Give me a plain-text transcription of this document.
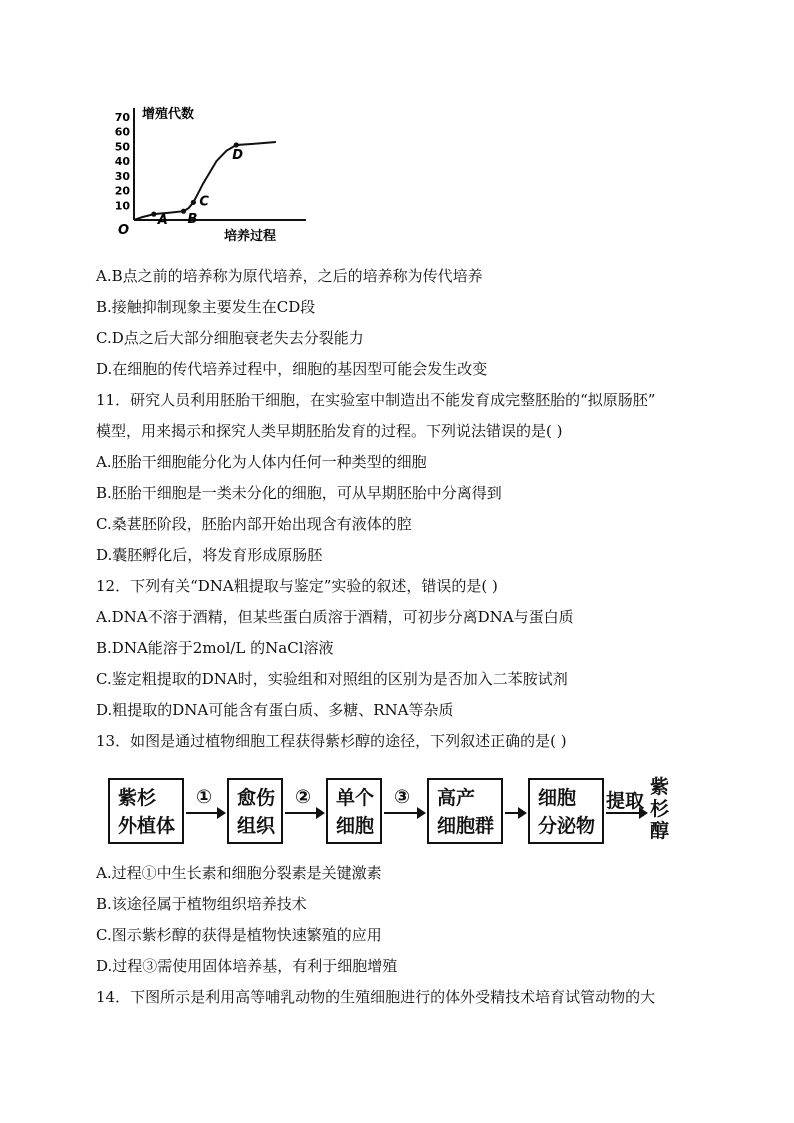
10
20
30
40
50
60
70
A B
C
D
增殖代数
培养过程
O
A.B点之前的培养称为原代培养，之后的培养称为传代培养
B.接触抑制现象主要发生在CD段
C.D点之后大部分细胞衰老失去分裂能力
D.在细胞的传代培养过程中，细胞的基因型可能会发生改变
11．研究人员利用胚胎干细胞，在实验室中制造出不能发育成完整胚胎的“拟原肠胚”
模型，用来揭示和探究人类早期胚胎发育的过程。下列说法错误的是( )
A.胚胎干细胞能分化为人体内任何一种类型的细胞
B.胚胎干细胞是一类未分化的细胞，可从早期胚胎中分离得到
C.桑葚胚阶段，胚胎内部开始出现含有液体的腔
D.囊胚孵化后，将发育形成原肠胚
12．下列有关“DNA粗提取与鉴定”实验的叙述，错误的是( )
A.DNA不溶于酒精，但某些蛋白质溶于酒精，可初步分离DNA与蛋白质
B.DNA能溶于2mol/L 的NaCl溶液
C.鉴定粗提取的DNA时，实验组和对照组的区别为是否加入二苯胺试剂
D.粗提取的DNA可能含有蛋白质、多糖、RNA等杂质
13．如图是通过植物细胞工程获得紫杉醇的途径，下列叙述正确的是( )
紫杉
外植体
① 愈伤
组织
② 单个
细胞
③ 高产
细胞群
细胞
分泌物
提取
紫
杉
醇
A.过程①中生长素和细胞分裂素是关键激素
B.该途径属于植物组织培养技术
C.图示紫杉醇的获得是植物快速繁殖的应用
D.过程③需使用固体培养基，有利于细胞增殖
14．下图所示是利用高等哺乳动物的生殖细胞进行的体外受精技术培育试管动物的大
